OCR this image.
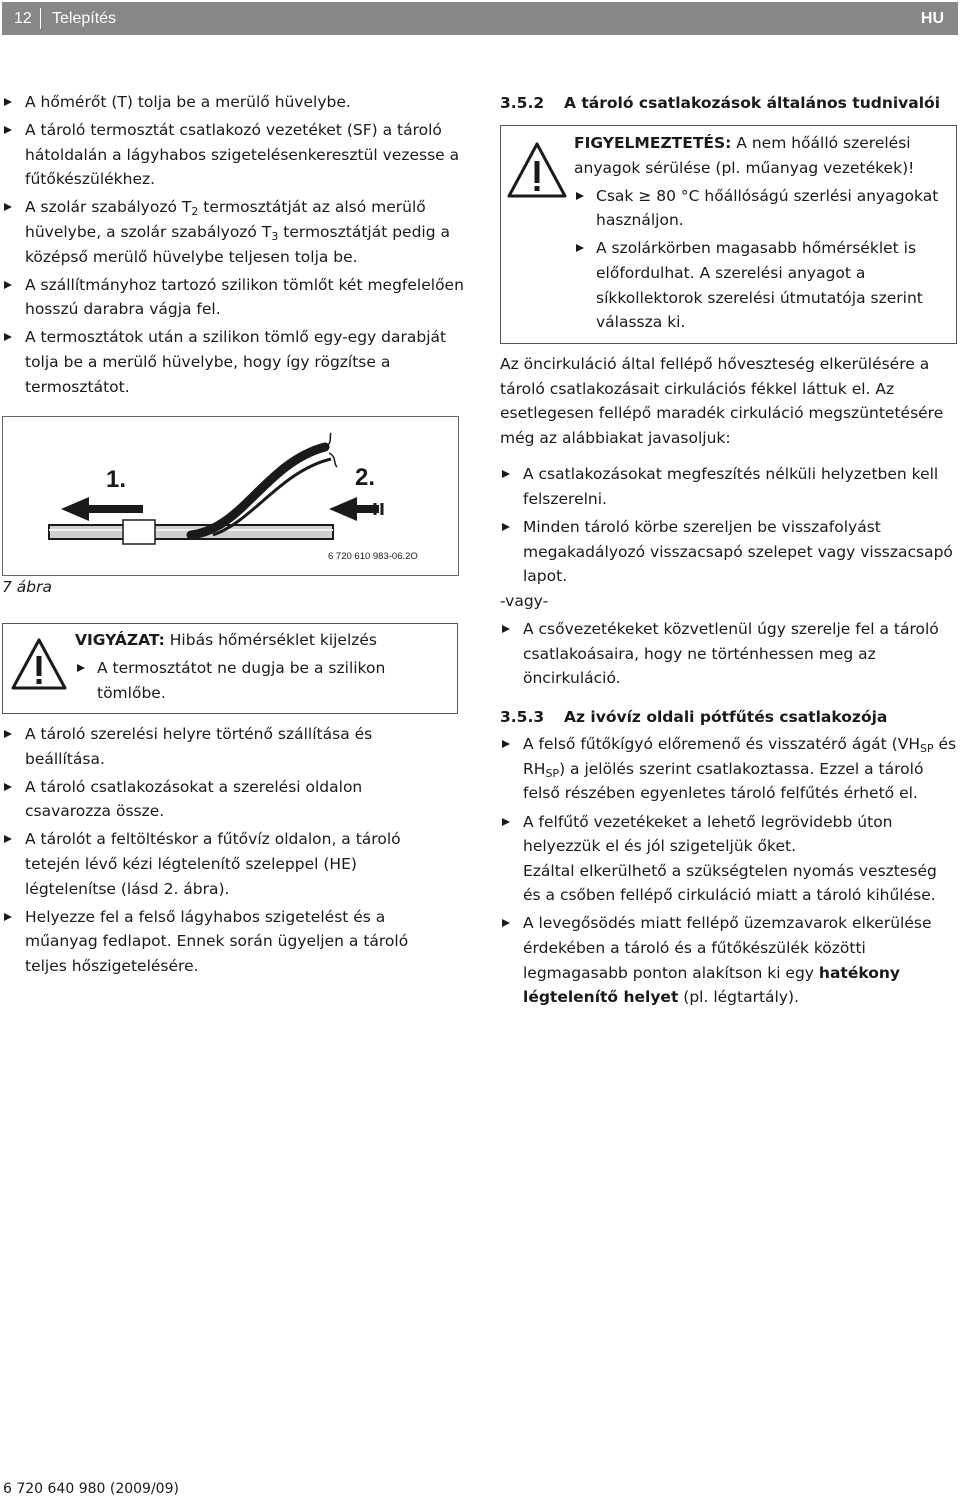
12 Telepítés	HU
A hőmérőt (T) tolja be a merülő hüvelybe.
A tároló termosztát csatlakozó vezetéket (SF) a tároló hátoldalán a lágyhabos szigetelésenkeresztül vezesse a fűtőkészülékhez.
A szolár szabályozó $T_2$ termosztátját az alsó merülő hüvelybe, a szolár szabályozó $T_3$ termosztátját pedig a középső merülő hüvelybe teljesen tolja be.
A szállítmányhoz tartozó szilikon tömlőt két megfelelően hosszú darabra vágja fel.
A termosztátok után a szilikon tömlő egy-egy darabját tolja be a merülő hüvelybe, hogy így rögzítse a termosztátot.
1.	2.
6 720 610 983-06.2O
7 ábra
VIGYÁZAT: Hibás hőmérséklet kijelzés
A termosztátot ne dugja be a szilikon tömlőbe.
A tároló szerelési helyre történő szállítása és beállítása.
A tároló csatlakozásokat a szerelési oldalon csavarozza össze.
A tárolót a feltöltéskor a fűtővíz oldalon, a tároló tetején lévő kézi légtelenítő szeleppel (HE) légtelenítse (lásd 2. ábra).
Helyezze fel a felső lágyhabos szigetelést és a műanyag fedlapot. Ennek során ügyeljen a tároló teljes hőszigetelésére.
3.5.2 A tároló csatlakozások általános tudnivalói
FIGYELMEZTETÉS: A nem hőálló szerelési anyagok sérülése (pl. műanyag vezetékek)!
Csak ≥ 80 °C hőállóságú szerlési anyagokat használjon.
A szolárkörben magasabb hőmérséklet is előfordulhat. A szerelési anyagot a síkkollektorok szerelési útmutatója szerint válassza ki.
Az öncirkuláció által fellépő hőveszteség elkerülésére a tároló csatlakozásait cirkulációs fékkel láttuk el. Az esetlegesen fellépő maradék cirkuláció megszüntetésére még az alábbiakat javasoljuk:
A csatlakozásokat megfeszítés nélküli helyzetben kell felszerelni.
Minden tároló körbe szereljen be visszafolyást megakadályozó visszacsapó szelepet vagy visszacsapó lapot.
-vagy-
A csővezetékeket közvetlenül úgy szerelje fel a tároló csatlakoásaira, hogy ne történhessen meg az öncirkuláció.
3.5.3 Az ivóvíz oldali pótfűtés csatlakozója
A felső fűtőkígyó előremenő és visszatérő ágát ($VH_{SP}$ és $RH_{SP}$) a jelölés szerint csatlakoztassa. Ezzel a tároló felső részében egyenletes tároló felfűtés érhető el.
A felfűtő vezetékeket a lehető legrövidebb úton helyezzük el és jól szigeteljük őket.
Ezáltal elkerülhető a szükségtelen nyomás veszteség és a csőben fellépő cirkuláció miatt a tároló kihűlése.
A levegősödés miatt fellépő üzemzavarok elkerülése érdekében a tároló és a fűtőkészülék közötti legmagasabb ponton alakítson ki egy hatékony légtelenítő helyet (pl. légtartály).
6 720 640 980 (2009/09)
